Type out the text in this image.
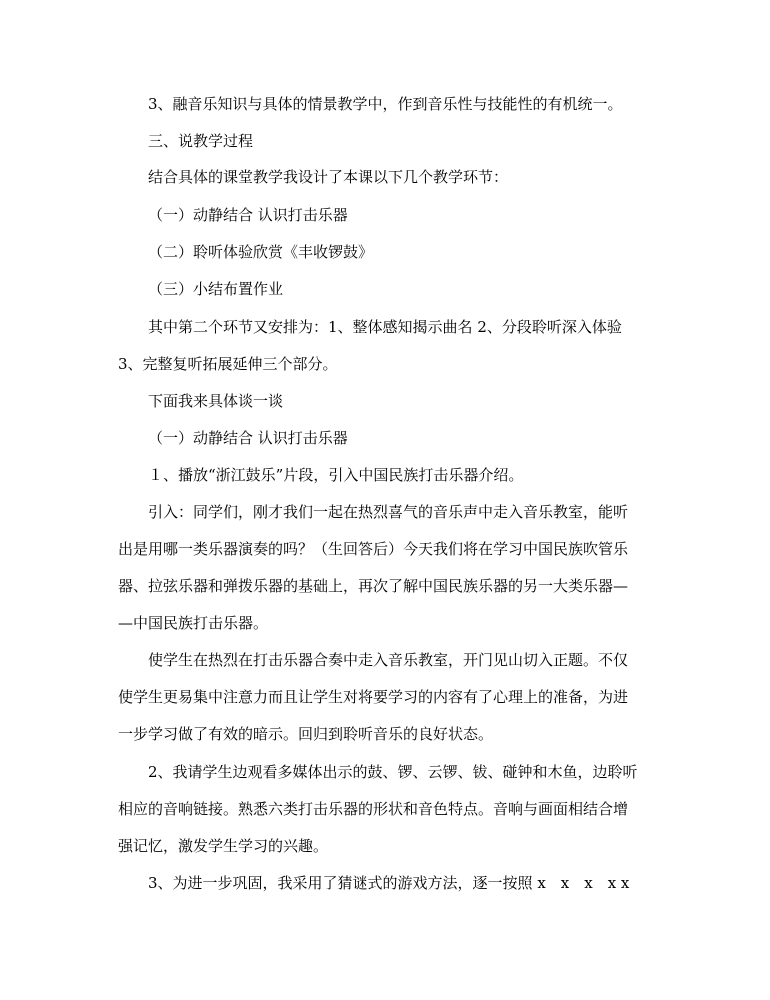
3、融音乐知识与具体的情景教学中，作到音乐性与技能性的有机统一。
三、说教学过程
结合具体的课堂教学我设计了本课以下几个教学环节：
（一）动静结合 认识打击乐器
（二）聆听体验欣赏《丰收锣鼓》
（三）小结布置作业
其中第二个环节又安排为：1、整体感知揭示曲名 2、分段聆听深入体验
3、完整复听拓展延伸三个部分。
下面我来具体谈一谈
（一）动静结合 认识打击乐器
１、播放“浙江鼓乐”片段，引入中国民族打击乐器介绍。
引入：同学们，刚才我们一起在热烈喜气的音乐声中走入音乐教室，能听
出是用哪一类乐器演奏的吗？（生回答后）今天我们将在学习中国民族吹管乐
器、拉弦乐器和弹拨乐器的基础上，再次了解中国民族乐器的另一大类乐器—
—中国民族打击乐器。
使学生在热烈在打击乐器合奏中走入音乐教室，开门见山切入正题。不仅
使学生更易集中注意力而且让学生对将要学习的内容有了心理上的准备，为进
一步学习做了有效的暗示。回归到聆听音乐的良好状态。
2、我请学生边观看多媒体出示的鼓、锣、云锣、钹、碰钟和木鱼，边聆听
相应的音响链接。熟悉六类打击乐器的形状和音色特点。音响与画面相结合增
强记忆，激发学生学习的兴趣。
3、为进一步巩固，我采用了猜谜式的游戏方法，逐一按照 x　x　x　x x
